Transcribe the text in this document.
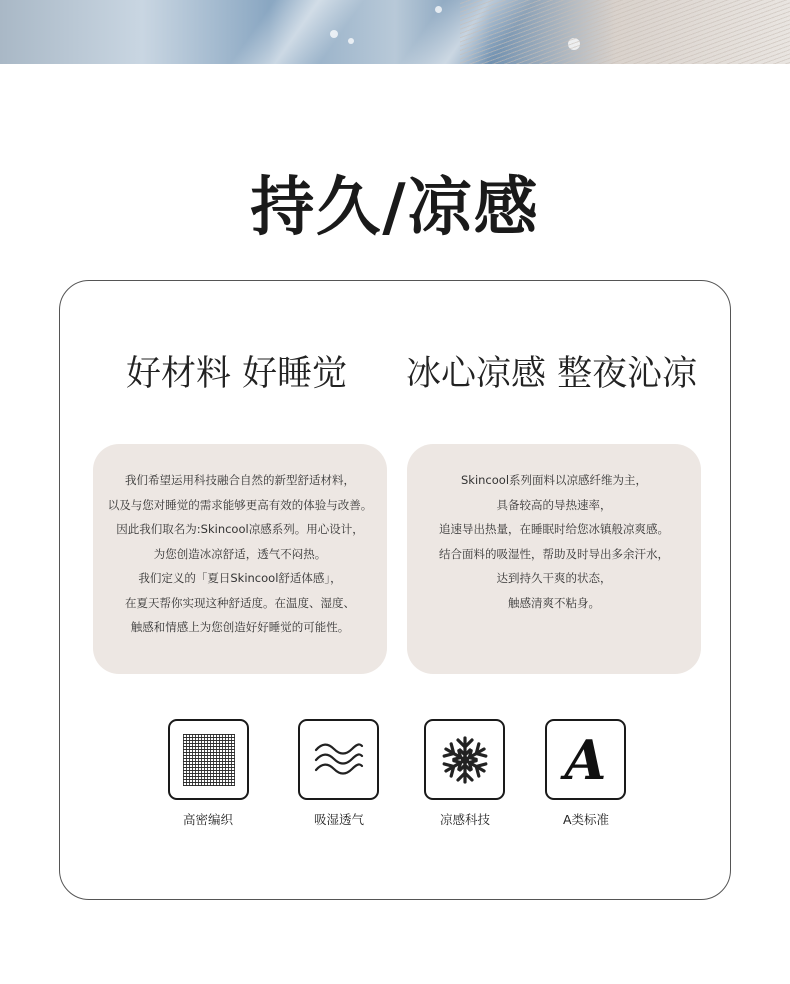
持久/凉感
好材料 好睡觉 冰心凉感 整夜沁凉
我们希望运用科技融合自然的新型舒适材料，
以及与您对睡觉的需求能够更高有效的体验与改善。
因此我们取名为:Skincool凉感系列。用心设计，
为您创造冰凉舒适，透气不闷热。
我们定义的「夏日Skincool舒适体感」，
在夏天帮你实现这种舒适度。在温度、湿度、
触感和情感上为您创造好好睡觉的可能性。
Skincool系列面料以凉感纤维为主，
具备较高的导热速率，
追速导出热量，在睡眠时给您冰镇般凉爽感。
结合面料的吸湿性，帮助及时导出多余汗水，
达到持久干爽的状态，
触感清爽不粘身。
高密编织	吸湿透气	凉感科技
A
A类标准
